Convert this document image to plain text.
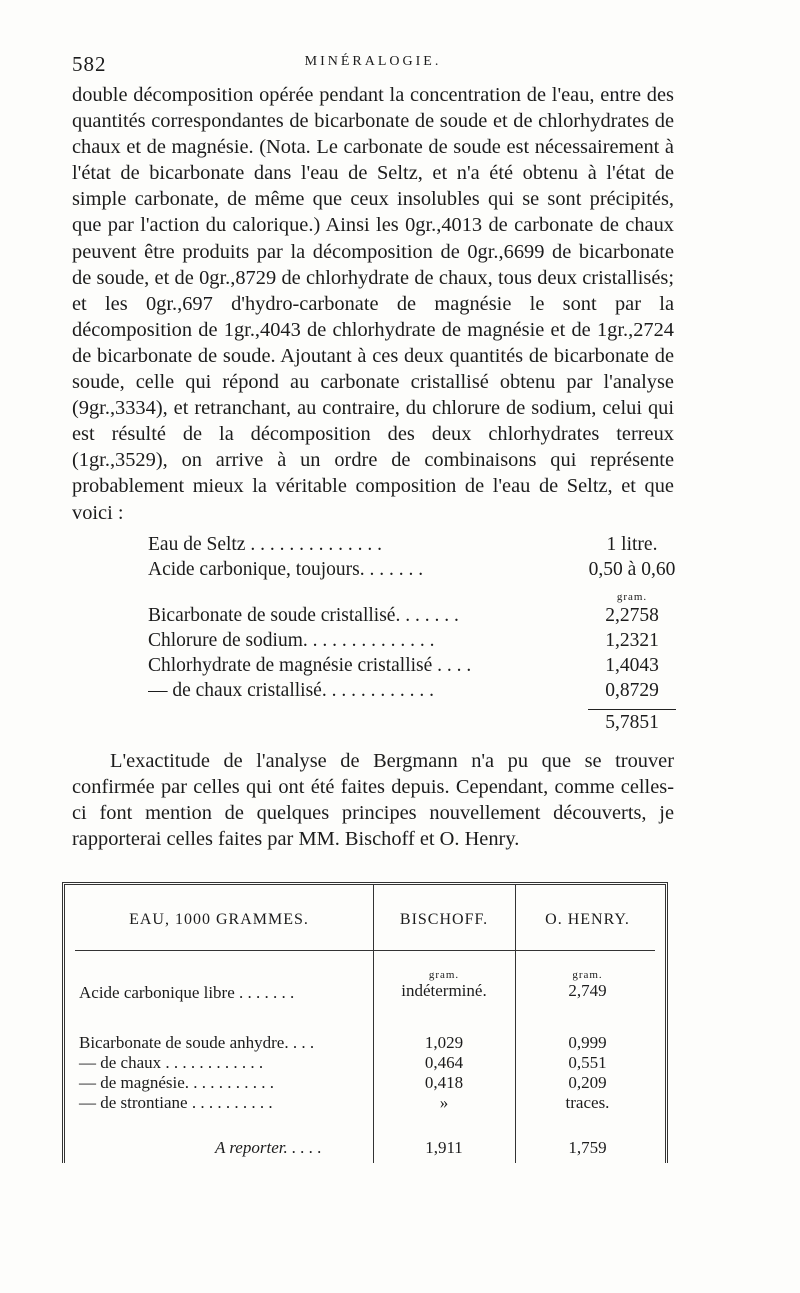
582	MINÉRALOGIE.

double décomposition opérée pendant la concentration de l'eau, entre des quantités correspondantes de bicarbonate de soude et de chlorhydrates de chaux et de magnésie. (Nota. Le carbonate de soude est nécessairement à l'état de bicarbonate dans l'eau de Seltz, et n'a été obtenu à l'état de simple carbonate, de même que ceux insolubles qui se sont précipités, que par l'action du calorique.) Ainsi les 0gr.,4013 de carbonate de chaux peuvent être produits par la décomposition de 0gr.,6699 de bicarbonate de soude, et de 0gr.,8729 de chlorhydrate de chaux, tous deux cristallisés; et les 0gr.,697 d'hydro-carbonate de magnésie le sont par la décomposition de 1gr.,4043 de chlorhydrate de magnésie et de 1gr.,2724 de bicarbonate de soude. Ajoutant à ces deux quantités de bicarbonate de soude, celle qui répond au carbonate cristallisé obtenu par l'analyse (9gr.,3334), et retranchant, au contraire, du chlorure de sodium, celui qui est résulté de la décomposition des deux chlorhydrates terreux (1gr.,3529), on arrive à un ordre de combinaisons qui représente probablement mieux la véritable composition de l'eau de Seltz, et que voici :

Eau de Seltz . . . . . . . . . . . . . .	1 litre.
Acide carbonique, toujours. . . . . . .	0,50 à 0,60
gram.
Bicarbonate de soude cristallisé. . . . . . .	2,2758
Chlorure de sodium. . . . . . . . . . . . . .	1,2321
Chlorhydrate de magnésie cristallisé . . . .	1,4043
— de chaux cristallisé. . . . . . . . . . . .	0,8729
5,7851

L'exactitude de l'analyse de Bergmann n'a pu que se trouver confirmée par celles qui ont été faites depuis. Cependant, comme celles-ci font mention de quelques principes nouvellement découverts, je rapporterai celles faites par MM. Bischoff et O. Henry.

EAU, 1000 GRAMMES.	BISCHOFF.	O. HENRY.
gram.	gram.
Acide carbonique libre . . . . . . .	indéterminé.	2,749
Bicarbonate de soude anhydre. . . .	1,029	0,999
— de chaux . . . . . . . . . . . .	0,464	0,551
— de magnésie. . . . . . . . . . .	0,418	0,209
— de strontiane . . . . . . . . . .	»	traces.
A reporter. . . . .	1,911	1,759
